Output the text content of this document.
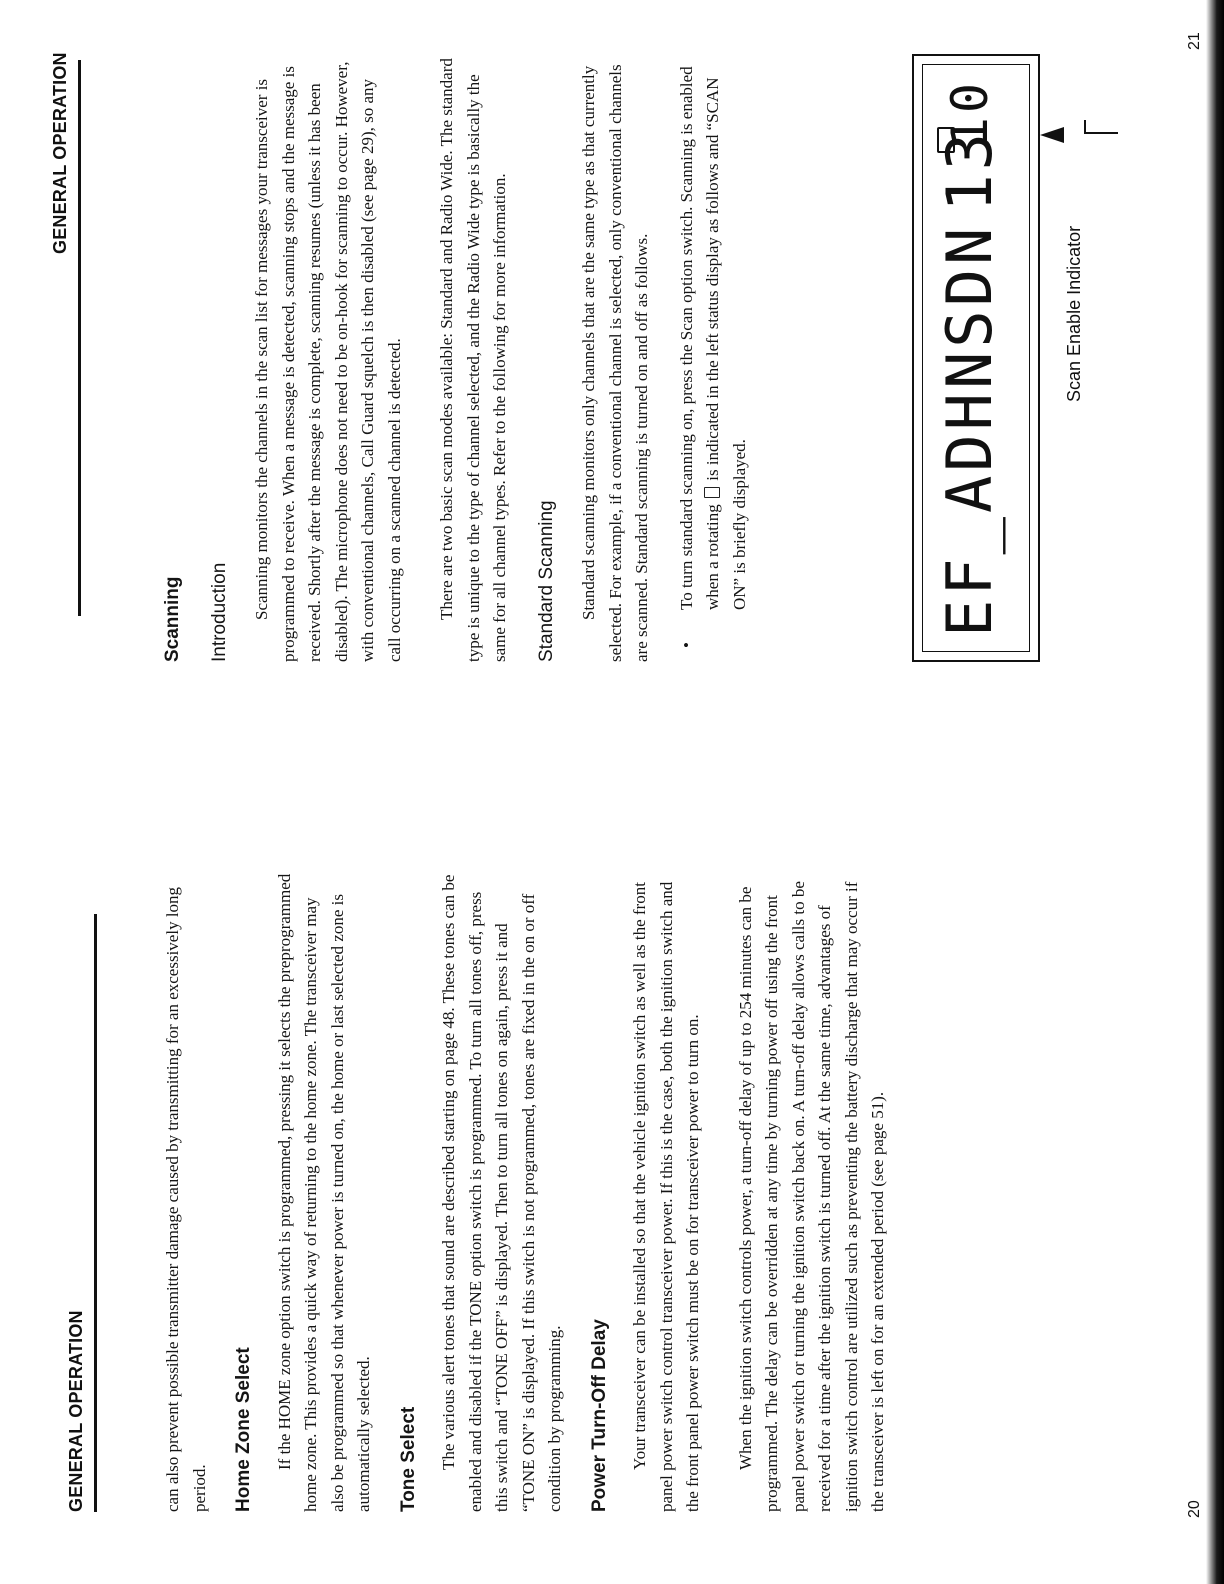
GENERAL OPERATION	can also prevent possible transmitter damage caused by transmitting for an excessively long period. Home Zone Select If the HOME zone option switch is programmed, pressing it selects the preprogrammed home zone. This provides a quick way of returning to the home zone. The transceiver may also be programmed so that whenever power is turned on, the home or last selected zone is automatically selected. Tone Select The various alert tones that sound are described starting on page 48. These tones can be enabled and disabled if the TONE option switch is programmed. To turn all tones off, press this switch and “TONE OFF” is displayed. Then to turn all tones on again, press it and “TONE ON” is displayed. If this switch is not programmed, tones are fixed in the on or off condition by programming. Power Turn-Off Delay Your transceiver can be installed so that the vehicle ignition switch as well as the front panel power switch control transceiver power. If this is the case, both the ignition switch and the front panel power switch must be on for transceiver power to turn on. When the ignition switch controls power, a turn-off delay of up to 254 minutes can be programmed. The delay can be overridden at any time by turning power off using the front panel power switch or turning the ignition switch back on. A turn-off delay allows calls to be received for a time after the ignition switch is turned off. At the same time, advantages of ignition switch control are utilized such as preventing the battery discharge that may occur if the transceiver is left on for an extended period (see page 51).	20
GENERAL OPERATION
Scanning Introduction Scanning monitors the channels in the scan list for messages your transceiver is programmed to receive. When a message is detected, scanning stops and the message is received. Shortly after the message is complete, scanning resumes (unless it has been disabled). The microphone does not need to be on-hook for scanning to occur. However, with conventional channels, Call Guard squelch is then disabled (see page 29), so any call occurring on a scanned channel is detected. There are two basic scan modes available: Standard and Radio Wide. The standard type is unique to the type of channel selected, and the Radio Wide type is basically the same for all channel types. Refer to the following for more information. Standard Scanning Standard scanning monitors only channels that are the same type as that currently selected. For example, if a conventional channel is selected, only conventional channels are scanned. Standard scanning is turned on and off as follows. •
To turn standard scanning on, press the Scan option switch. Scanning is enabled when a rotating  is indicated in the left status display as follows and “SCAN ON” is briefly displayed.	EF_ADHNSDN
13
10
Scan Enable Indicator
21
